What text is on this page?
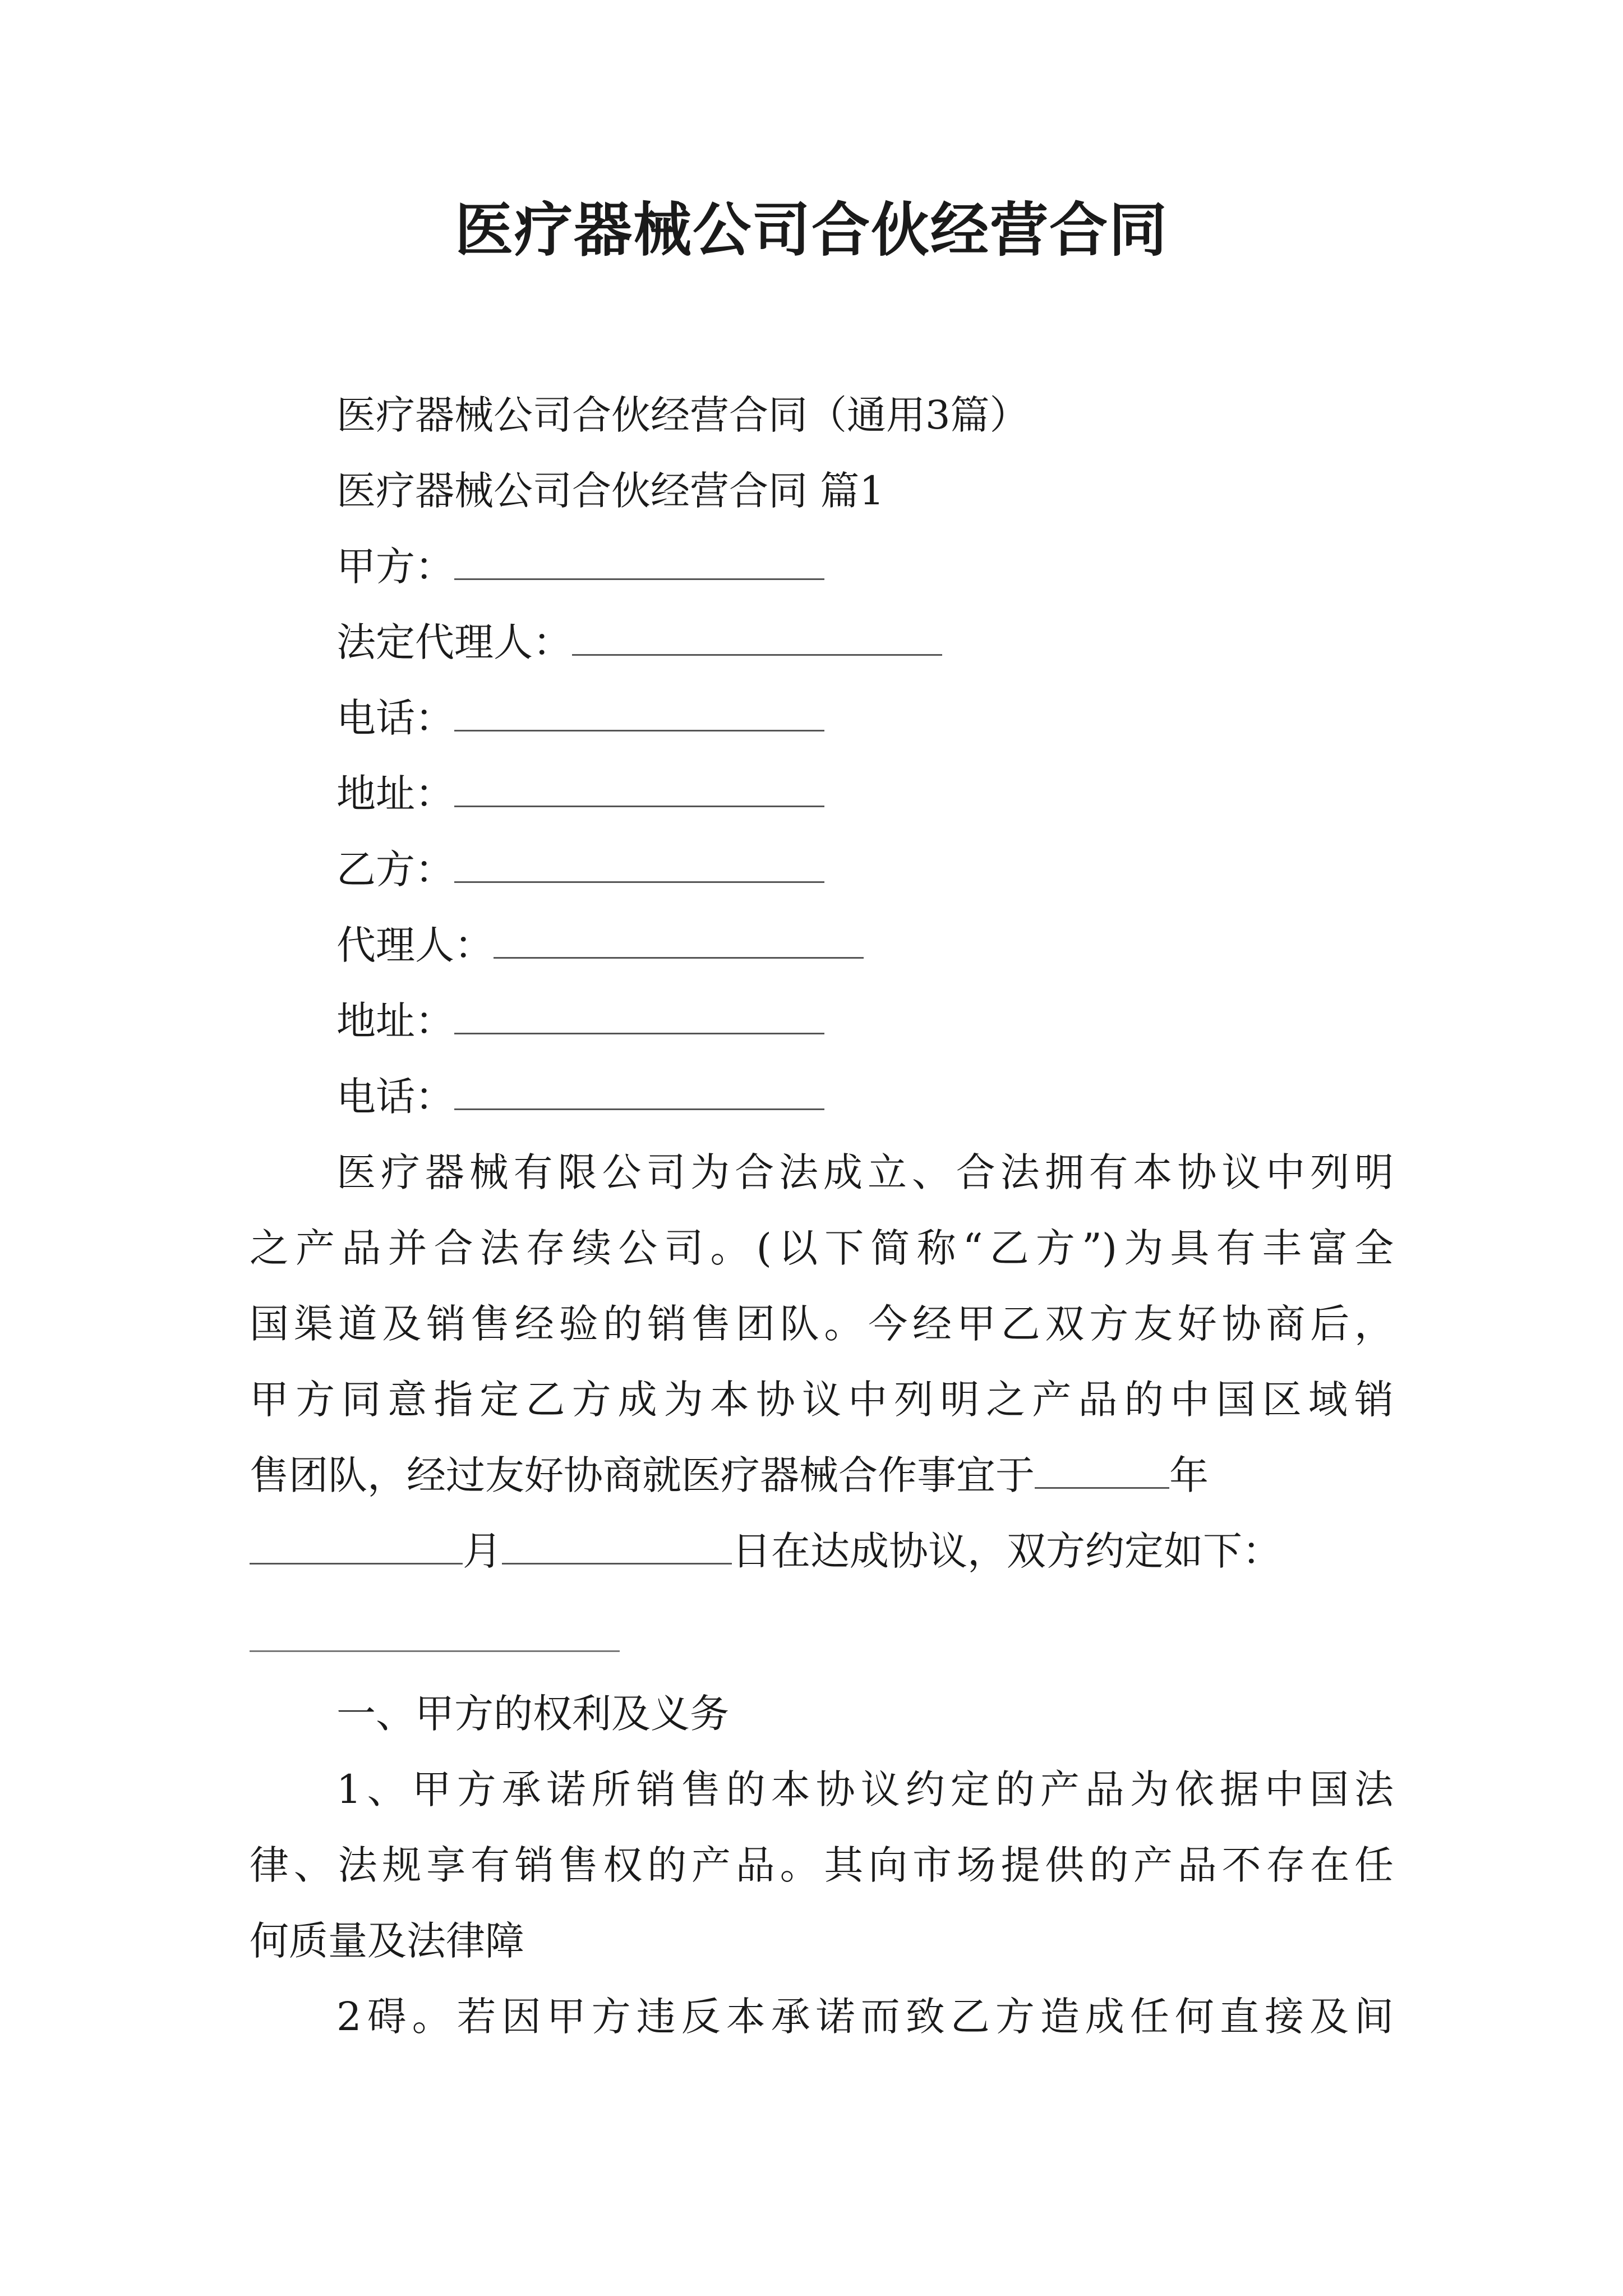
医疗器械公司合伙经营合同

医疗器械公司合伙经营合同（通用3篇）

医疗器械公司合伙经营合同 篇1

甲方：

法定代理人：

电话：

地址：

乙方：

代理人：

地址：

电话：

医疗器械有限公司为合法成立、合法拥有本协议中列明

之产品并合法存续公司。(以下简称“乙方”)为具有丰富全

国渠道及销售经验的销售团队。今经甲乙双方友好协商后，

甲方同意指定乙方成为本协议中列明之产品的中国区域销

售团队，经过友好协商就医疗器械合作事宜于	年

月	日在达成协议，双方约定如下：

一、甲方的权利及义务

1、甲方承诺所销售的本协议约定的产品为依据中国法

律、法规享有销售权的产品。其向市场提供的产品不存在任

何质量及法律障

2碍。若因甲方违反本承诺而致乙方造成任何直接及间
